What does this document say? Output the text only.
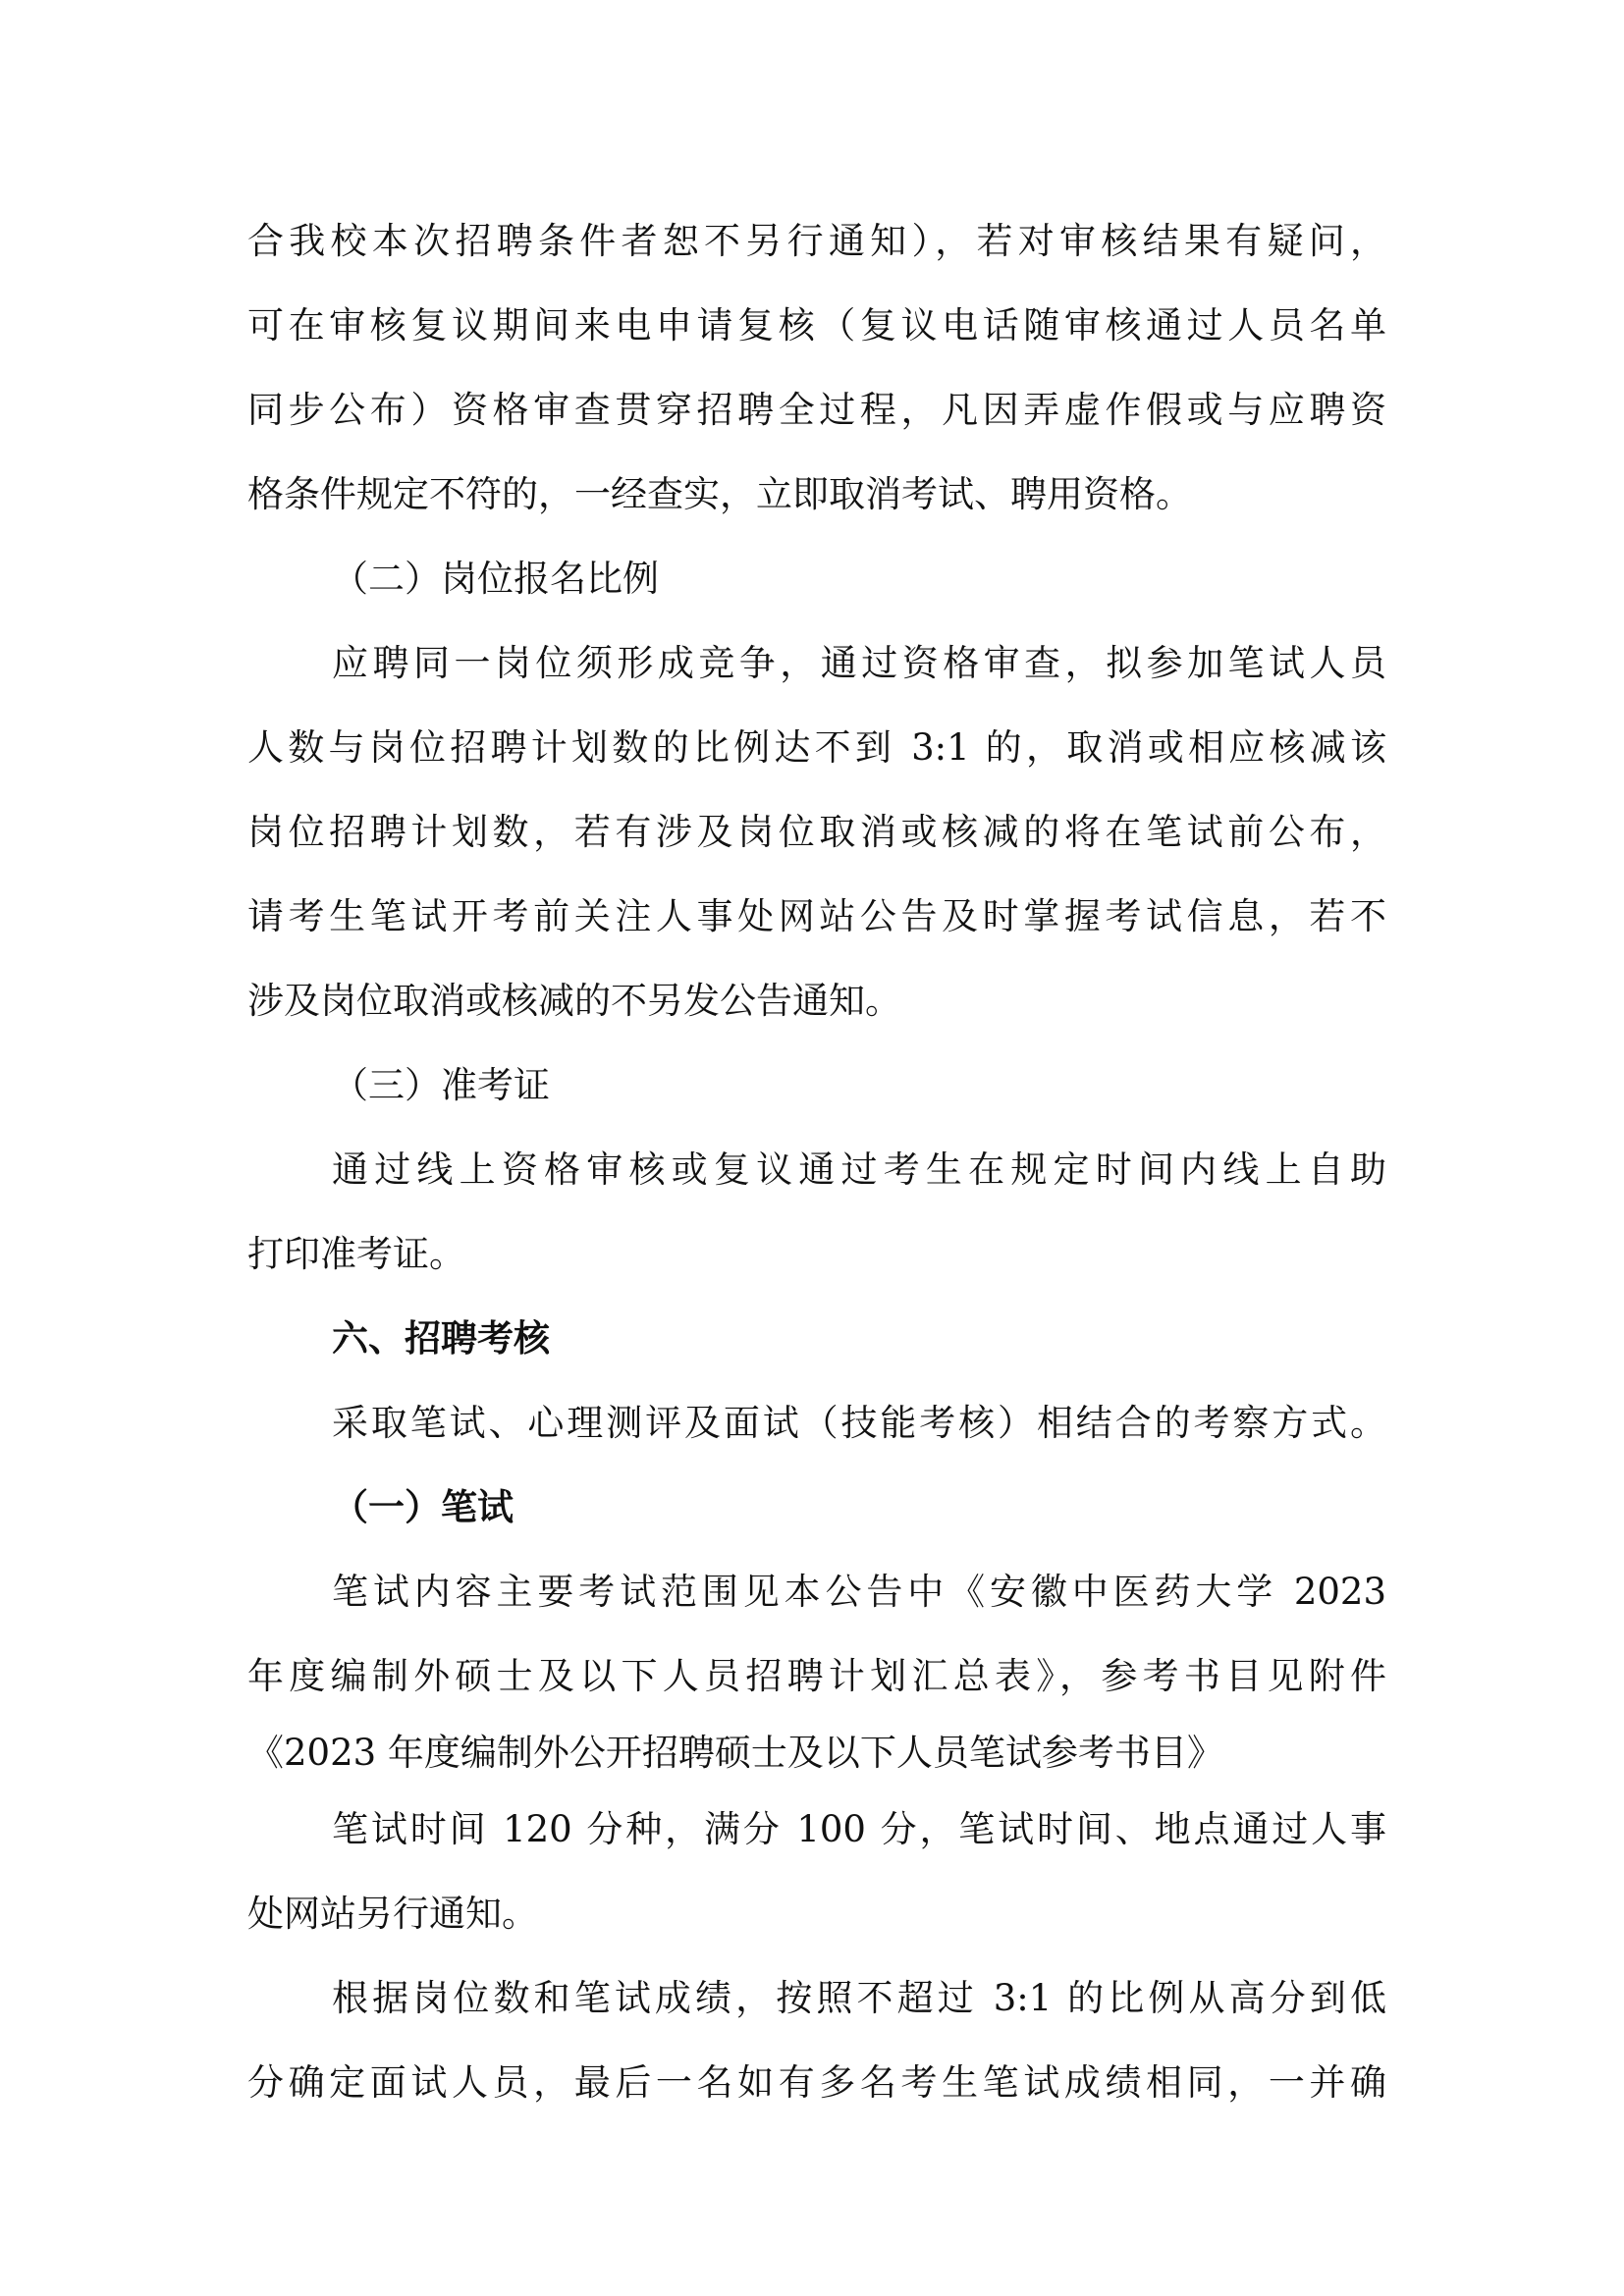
合我校本次招聘条件者恕不另行通知），若对审核结果有疑问，
可在审核复议期间来电申请复核（复议电话随审核通过人员名单
同步公布）资格审查贯穿招聘全过程，凡因弄虚作假或与应聘资
格条件规定不符的，一经查实，立即取消考试、聘用资格。
（二）岗位报名比例
应聘同一岗位须形成竞争，通过资格审查，拟参加笔试人员
人数与岗位招聘计划数的比例达不到 3:1 的，取消或相应核减该
岗位招聘计划数，若有涉及岗位取消或核减的将在笔试前公布，
请考生笔试开考前关注人事处网站公告及时掌握考试信息，若不
涉及岗位取消或核减的不另发公告通知。
（三）准考证
通过线上资格审核或复议通过考生在规定时间内线上自助
打印准考证。
六、招聘考核
采取笔试、心理测评及面试（技能考核）相结合的考察方式。
（一）笔试
笔试内容主要考试范围见本公告中《安徽中医药大学 2023
年度编制外硕士及以下人员招聘计划汇总表》，参考书目见附件
《2023 年度编制外公开招聘硕士及以下人员笔试参考书目》
笔试时间 120 分种，满分 100 分，笔试时间、地点通过人事
处网站另行通知。
根据岗位数和笔试成绩，按照不超过 3:1 的比例从高分到低
分确定面试人员，最后一名如有多名考生笔试成绩相同，一并确
